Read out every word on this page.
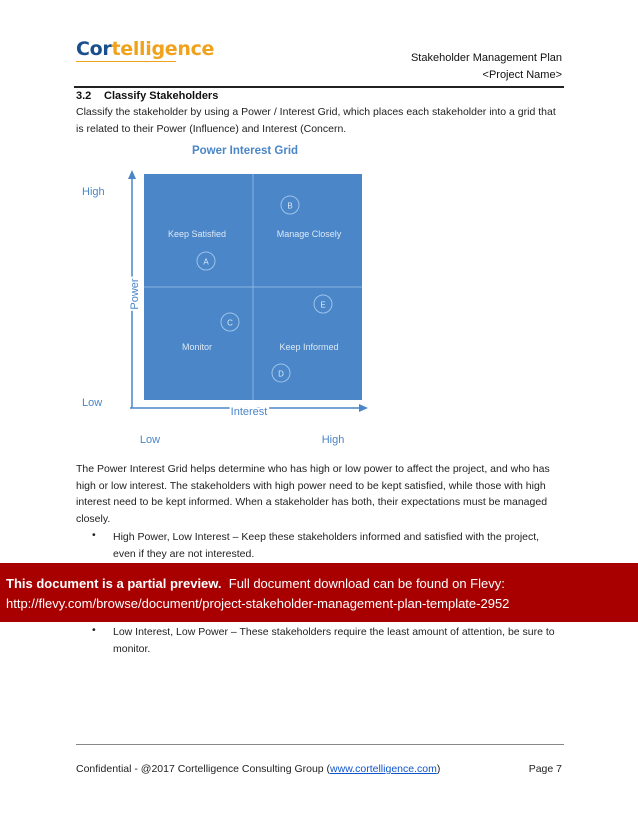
Cortelligence	Stakeholder Management Plan
<Project Name>
3.2 Classify Stakeholders
Classify the stakeholder by using a Power / Interest Grid, which places each stakeholder into a grid that is related to their Power (Influence) and Interest (Concern.
Power Interest Grid
High
Low
Power
Interest
Low	High
Keep Satisfied	Manage Closely
Monitor	Keep Informed
A
B
C
D
E
The Power Interest Grid helps determine who has high or low power to affect the project, and who has high or low interest. The stakeholders with high power need to be kept satisfied, while those with high interest need to be kept informed. When a stakeholder has both, their expectations must be managed closely.
• High Power, Low Interest – Keep these stakeholders informed and satisfied with the project, even if they are not interested.
This document is a partial preview. Full document download can be found on Flevy:
http://flevy.com/browse/document/project-stakeholder-management-plan-template-2952
• Low Interest, Low Power – These stakeholders require the least amount of attention, be sure to monitor.
Confidential - @2017 Cortelligence Consulting Group (www.cortelligence.com)	Page 7
